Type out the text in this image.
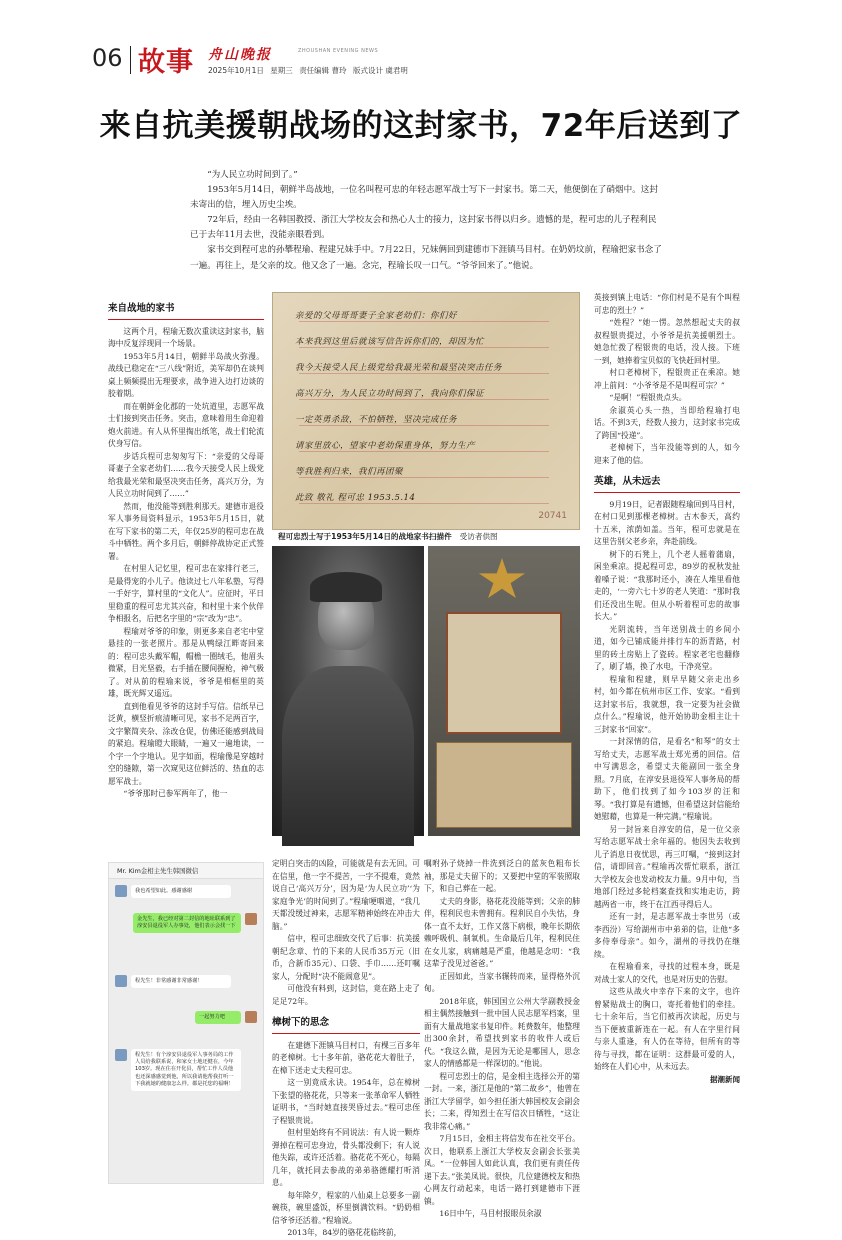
06 故事 舟山晚报	ZHOUSHAN EVENING NEWS
2025年10月1日 星期三 责任编辑 曹玲 版式设计 虞君明
来自抗美援朝战场的这封家书，72年后送到了

“为人民立功时间到了。”

1953年5月14日，朝鲜半岛战地，一位名叫程可忠的年轻志愿军战士写下一封家书。第二天，他便倒在了硝烟中。这封未寄出的信，埋入历史尘埃。

72年后，经由一名韩国教授、浙江大学校友会和热心人士的接力，这封家书得以归乡。遗憾的是，程可忠的儿子程利民已于去年11月去世，没能亲眼看到。

家书交到程可忠的孙攀程瑜、程建兄妹手中。7月22日，兄妹俩回到建德市下涯镇马目村。在奶奶坟前，程瑜把家书念了一遍。再往上，是父亲的坟。他又念了一遍。念完，程瑜长叹一口气。“爷爷回来了。”他说。

来自战地的家书

这两个月，程瑜无数次重读这封家书，脑海中反复浮现同一个场景。

1953年5月14日，朝鲜半岛战火弥漫。战线已稳定在“三八线”附近，美军却仍在谈判桌上频频提出无理要求，战争进入边打边谈的胶着期。

而在朝鲜金化郡的一处坑道里，志愿军战士们接到突击任务。突击，意味着用生命迎着炮火前进。有人从怀里掏出纸笔，战士们轮流伏身写信。

步话兵程可忠匆匆写下：“亲爱的父母哥哥妻子全家老幼们……我今天接受人民上级党给我最光荣和最坚决突击任务，高兴万分，为人民立功时间到了……”

然而，他没能等到胜利那天。建德市退役军人事务局资料显示，1953年5月15日，就在写下家书的第二天，年仅25岁的程可忠在战斗中牺牲。两个多月后，朝鲜停战协定正式签署。

在村里人记忆里，程可忠在家排行老三，是最得宠的小儿子。他读过七八年私塾，写得一手好字，算村里的“文化人”。应征时，平日里稳重的程可忠尤其兴奋，和村里十来个伙伴争相报名，后把名字里的“宗”改为“忠”。

程瑜对爷爷的印象，则更多来自老宅中堂悬挂的一张老照片。那是从鸭绿江畔寄回来的：程可忠头戴军帽，帽檐一圈绒毛，他眉头微紧，目光坚毅，右手插在腰间握枪，神气极了。对从前的程瑜来说，爷爷是相框里的英雄，既光辉又遥远。

直到他看见爷爷的这封手写信。信纸早已泛黄，横竖折痕清晰可见，家书不足两百字，文字繁简夹杂、涂改仓促，仿佛还能感到战局的紧迫。程瑜瞪大眼睛，一遍又一遍地读，一个字一个字地认。见字如面，程瑜像是穿越时空的缝隙，第一次窥见这位鲜活的、热血的志愿军战士。

“爷爷那时已参军两年了，他一

亲爱的父母哥哥妻子全家老幼们：你们好
本来我到这里后就该写信告诉你们的，却因为忙
我今天接受人民上级党给我最光荣和最坚决突击任务
高兴万分，为人民立功时间到了，我向你们保证
一定英勇杀敌，不怕牺牲，坚决完成任务
请家里放心，望家中老幼保重身体，努力生产
等我胜利归来，我们再团聚
此致 敬礼 程可忠 1953.5.14
20741
程可忠烈士写于1953年5月14日的战地家书扫描件 受访者供图

定明白突击的凶险，可能就是有去无回。可在信里，他一字不提苦，一字不提难，竟然说自己‘高兴万分’，因为是‘为人民立功’‘为家庭争光’的时间到了。”程瑜哽咽道，“我几天都没缓过神来，志愿军精神始终在冲击大脑。”

信中，程可忠细致交代了后事：抗美援朝纪念章、竹的下来的人民币35万元（旧币，合新币35元）、口袋、手巾……还叮嘱家人，分配时“决不能闹意见”。

可他没有料到，这封信，竟在路上走了足足72年。

樟树下的思念

在建德下涯镇马目村口，有棵三百多年的老樟树。七十多年前，骆花花大着肚子，在樟下送走丈夫程可忠。

这一别竟成永诀。1954年，总在樟树下张望的骆花花，只等来一张革命军人牺牲证明书，“当时她直接哭昏过去。”程可忠侄子程银贵说。

但村里始终有不同说法：有人说一颗炸弹掉在程可忠身边，骨头都没剩下；有人说他失踪，或许还活着。骆花花不死心，每隔几年，就托同去参战的弟弟骆德耀打听消息。

每年除夕，程家的八仙桌上总要多一副碗筷，碗里盛饭，杯里倒满饮料。“奶奶相信爷爷还活着。”程瑜说。

2013年，84岁的骆花花临终前，

嘱咐孙子烧掉一件洗到泛白的蓝灰色粗布长袖，那是丈夫留下的；又要把中堂的军装照取下，和自己葬在一起。

丈夫的身影，骆花花没能等到；父亲的肺伴，程利民也未曾拥有。程利民自小失怙，身体一直不太好，工作又落下病根，晚年长期依赖呼吸机、制氧机。生命最后几年，程利民住在女儿家，病痛越是严重，他越是念叨：“我这辈子没见过爸爸。”

正因如此，当家书辗转而来，显得格外沉甸。

2018年底，韩国国立公州大学副教授金相主偶然接触到一批中国人民志愿军档案，里面有大量战地家书复印件。耗费数年，他整理出300余封，希望找到家书的收件人或后代。“我这么做，是因为无论是哪国人，思念家人的情感都是一样深切的。”他说。

程可忠烈士的信，是金相主选择公开的第一封。一来，浙江是他的“第二故乡”，他曾在浙江大学留学，如今担任浙大韩国校友会副会长；二来，得知烈士在写信次日牺牲，“这让我非常心痛。”

7月15日，金相主将信发布在社交平台。次日，他联系上浙江大学校友会副会长张美凤。“一位韩国人如此认真，我们更有责任传递下去。”张美凤说。很快，几位建德校友和热心网友行动起来，电话一路打到建德市下涯镇。

16日中午，马目村报眼员余淑

英接到镇上电话：“你们村是不是有个叫程可忠的烈士？”

“姓程？”她一愣。忽然想起丈夫的叔叔程银贵提过，小爷爷是抗美援朝烈士。她急忙拨了程银贵的电话，没人接。下班一到，她捧着宝贝似的飞快赶回村里。

村口老樟树下，程银贵正在乘凉。她冲上前问：“小爷爷是不是叫程可宗？”

“是啊！”程银贵点头。

余淑英心头一热，当即给程瑜打电话。不到3天，经数人接力，这封家书完成了跨国“投递”。

老樟树下，当年没能等到的人，如今迎来了他的信。

英雄，从未远去

9月19日，记者跟随程瑜回到马目村，在村口见到那棵老樟树。古木参天，高约十五米，浓荫如盖。当年，程可忠就是在这里告别父老乡亲，奔赴前线。

树下的石凳上，几个老人摇着蒲扇，闲坐乘凉。提起程可忠，89岁的祝秋发扯着嗓子说：“我那时还小，凑在人堆里看他走的，‘一旁六七十岁的老人笑道：“那时我们还没出生呢。但从小听着程可忠的故事长大。”

光阴流转，当年送别战士的乡间小道，如今已铺成能并排行车的沥青路，村里的砖土房贴上了瓷砖。程家老宅也翻修了，刷了墙，换了水电，干净亮堂。

程瑜和程建，则早早随父亲走出乡村，如今都在杭州市区工作、安家。“看到这封家书后，我就想，我一定要为社会做点什么。”程瑜说，他开始协助金相主让十三封家书“回家”。

一封深情的信，是看名“和琴”的女士写给丈夫，志愿军战士郑光勇的回信。信中写满思念，希望丈夫能副回一张全身照。7月底，在淳安县退役军人事务局的帮助下，他们找到了如今103岁的汪和琴。“我打算是有遗憾，但希望这封信能给她慰藉，也算是一种完满。”程瑜说。

另一封旨来自淳安的信，是一位父亲写给志愿军战士余年福的。他因失去收到儿子消息日夜忧思，再三叮嘱，“接到这封信，请即回音。”程瑜再次帮忙联系，浙江大学校友会也发动校友力量。9月中旬，当地部门经过多轮档案查找和实地走访，跨越两省一市，终于在江西寻得后人。

还有一封，是志愿军战士李世另（或李西汾）写给湖州市中弟弟的信，让他“多多侍奉母亲”。如今，湖州的寻找仍在继续。

在程瑜看来，寻找的过程本身，既是对战士家人的交代，也是对历史的告慰。

这些从战火中幸存下来的文字，也许曾紧贴战士的胸口，寄托着他们的牵挂。七十余年后，当它们被再次读起，历史与当下便被重新连在一起。有人在字里行间与亲人重逢，有人仍在等待，但所有的等待与寻找，都在证明：这群最可爱的人，始终在人们心中，从未远去。

据潮新闻

Mr. Kim金相主先生韩国微信
我也希望如此。感谢感谢
金先生，我已经对第二封信的地址联系到了淳安县退役军人办事处，他们表示会找一下
程先生！非常感谢非常感谢！
一起努力吧
程先生！有个淳安县退役军人事务局的工作人员给我联系说，和家女士地还健在，今年103岁。现在住在开化县，帮忙工作人员他也还深感感觉到他，所以我请他帮我打听一下我就她的健康怎么样。都是托您的福啊！
